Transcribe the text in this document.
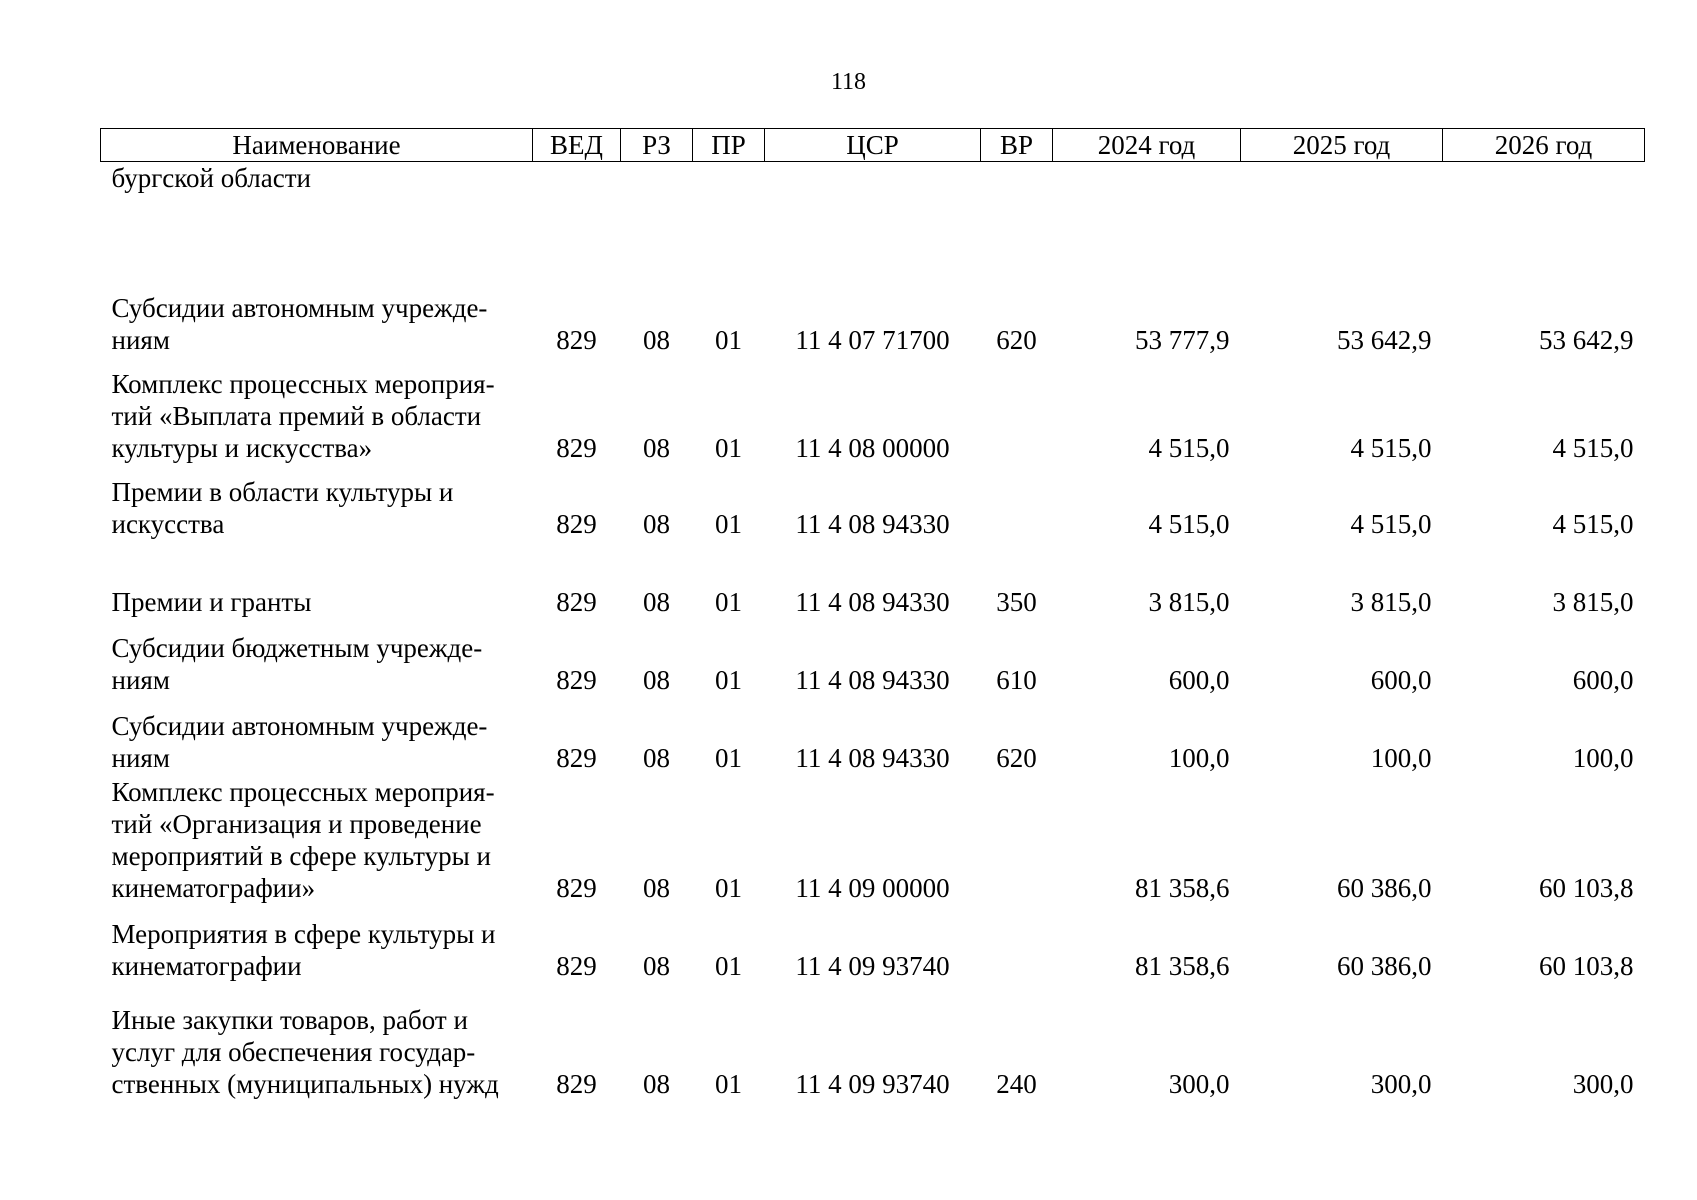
118
Наименование	ВЕД	РЗ	ПР	ЦСР	ВР	2024 год	2025 год	2026 год
бургской области								
Субсидии автономным учрежде-
ниям	829	08	01	11 4 07 71700	620	53 777,9	53 642,9	53 642,9
Комплекс процессных мероприя-
тий «Выплата премий в области
культуры и искусства»	829	08	01	11 4 08 00000		4 515,0	4 515,0	4 515,0
Премии в области культуры и
искусства	829	08	01	11 4 08 94330		4 515,0	4 515,0	4 515,0
Премии и гранты	829	08	01	11 4 08 94330	350	3 815,0	3 815,0	3 815,0
Субсидии бюджетным учрежде-
ниям	829	08	01	11 4 08 94330	610	600,0	600,0	600,0
Субсидии автономным учрежде-
ниям	829	08	01	11 4 08 94330	620	100,0	100,0	100,0
Комплекс процессных мероприя-
тий «Организация и проведение
мероприятий в сфере культуры и
кинематографии»	829	08	01	11 4 09 00000		81 358,6	60 386,0	60 103,8
Мероприятия в сфере культуры и
кинематографии	829	08	01	11 4 09 93740		81 358,6	60 386,0	60 103,8
Иные закупки товаров, работ и
услуг для обеспечения государ-
ственных (муниципальных) нужд	829	08	01	11 4 09 93740	240	300,0	300,0	300,0
